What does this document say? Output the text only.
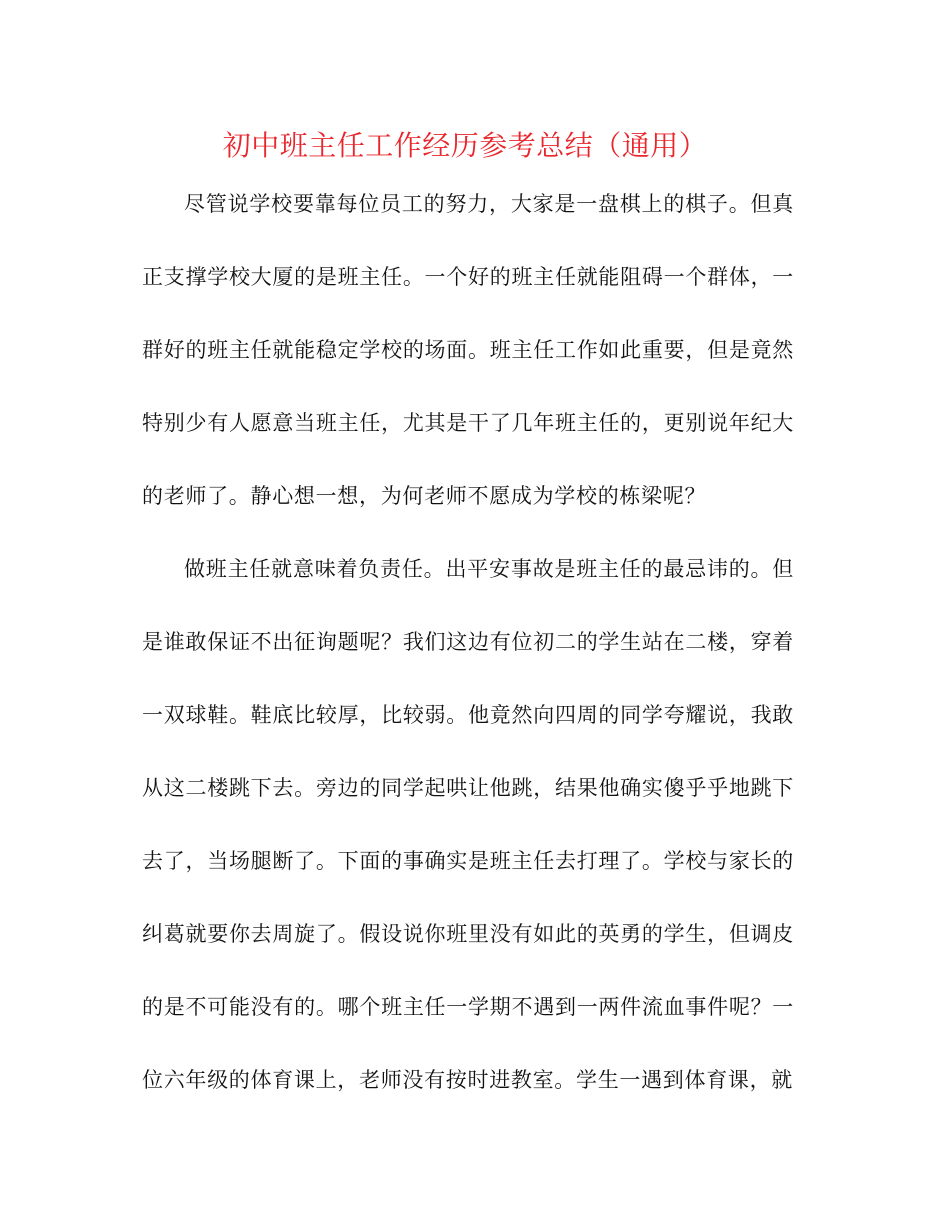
初中班主任工作经历参考总结（通用）

尽管说学校要靠每位员工的努力，大家是一盘棋上的棋子。但真正支撑学校大厦的是班主任。一个好的班主任就能阻碍一个群体，一群好的班主任就能稳定学校的场面。班主任工作如此重要，但是竟然特别少有人愿意当班主任，尤其是干了几年班主任的，更别说年纪大的老师了。静心想一想，为何老师不愿成为学校的栋梁呢？

做班主任就意味着负责任。出平安事故是班主任的最忌讳的。但是谁敢保证不出征询题呢？我们这边有位初二的学生站在二楼，穿着一双球鞋。鞋底比较厚，比较弱。他竟然向四周的同学夸耀说，我敢从这二楼跳下去。旁边的同学起哄让他跳，结果他确实傻乎乎地跳下去了，当场腿断了。下面的事确实是班主任去打理了。学校与家长的纠葛就要你去周旋了。假设说你班里没有如此的英勇的学生，但调皮的是不可能没有的。哪个班主任一学期不遇到一两件流血事件呢？一位六年级的体育课上，老师没有按时进教室。学生一遇到体育课，就
